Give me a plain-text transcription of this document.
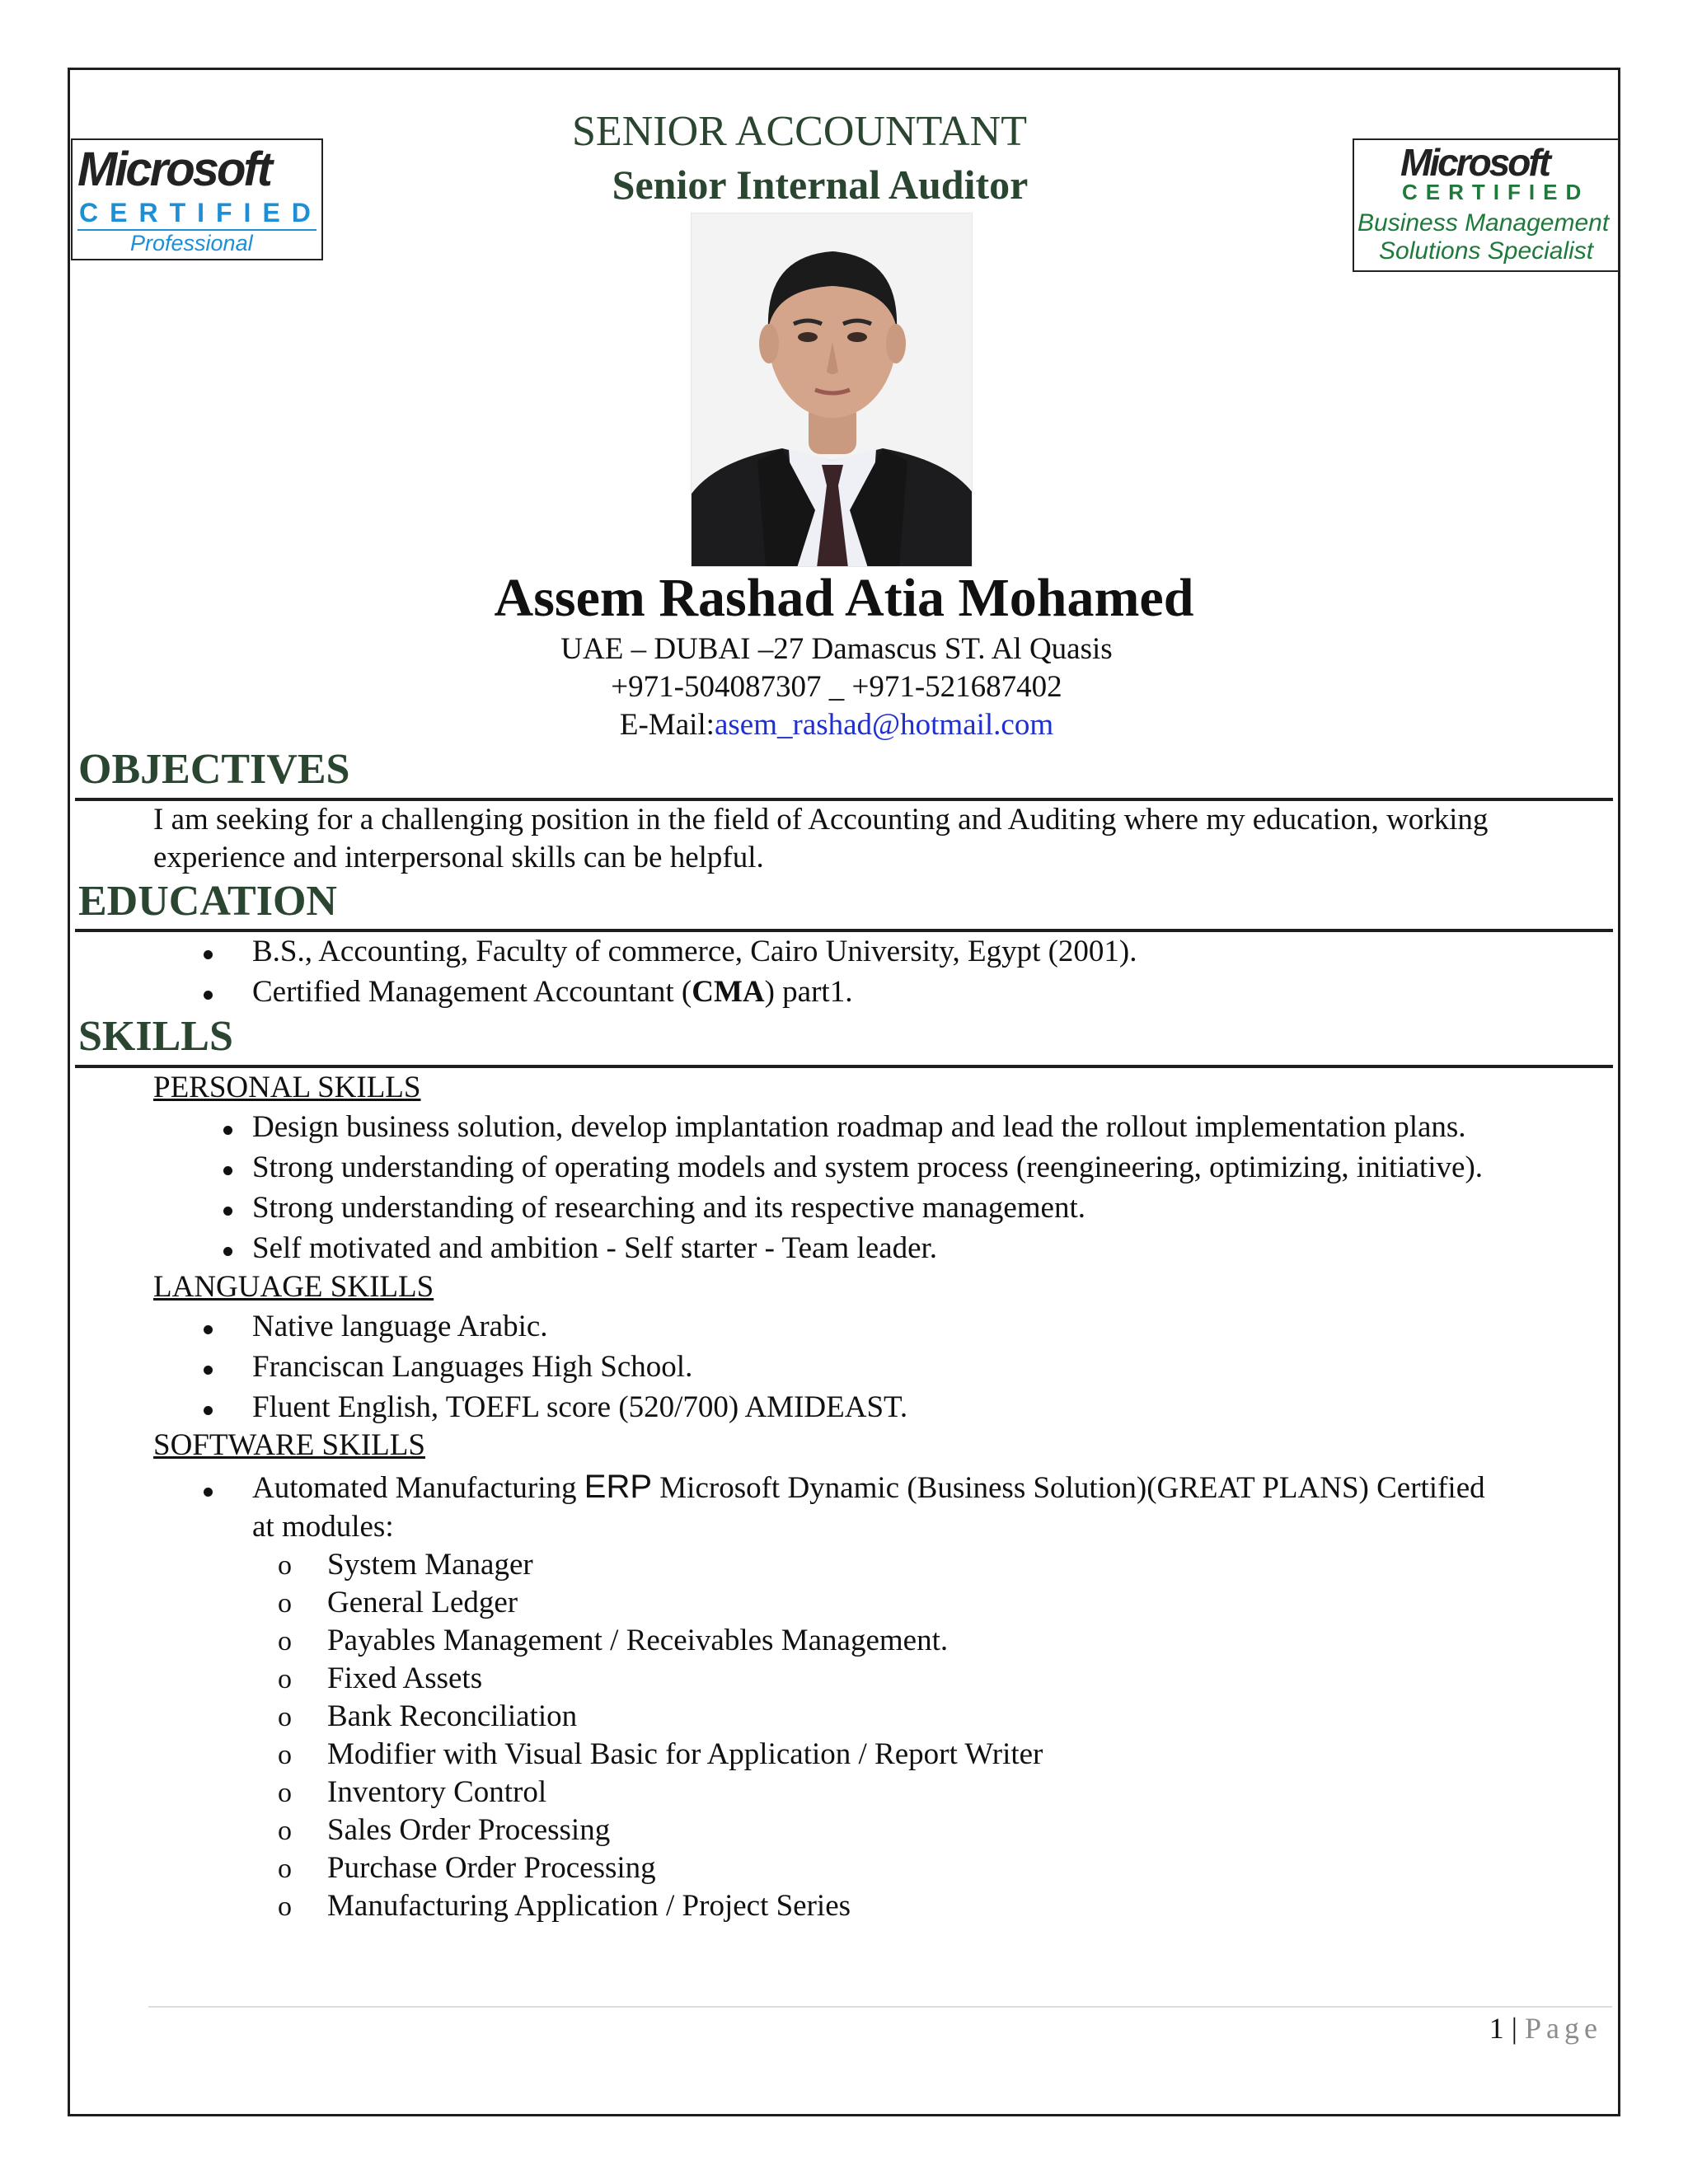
Microsoft
CERTIFIED
Professional
Microsoft
CERTIFIED
Business Management
Solutions Specialist
SENIOR ACCOUNTANT
Senior Internal Auditor
Assem Rashad Atia Mohamed
UAE – DUBAI –27 Damascus ST. Al Quasis
+971-504087307 _ +971-521687402
E-Mail:asem_rashad@hotmail.com
OBJECTIVES
I am seeking for a challenging position in the field of Accounting and Auditing where my education, working
experience and interpersonal skills can be helpful.
EDUCATION
B.S., Accounting, Faculty of commerce, Cairo University, Egypt (2001).
Certified Management Accountant (CMA) part1.
SKILLS
PERSONAL SKILLS
Design business solution, develop implantation roadmap and lead the rollout implementation plans.
Strong understanding of operating models and system process (reengineering, optimizing, initiative).
Strong understanding of researching and its respective management.
Self motivated and ambition - Self starter - Team leader.
LANGUAGE SKILLS
Native language Arabic.
Franciscan Languages High School.
Fluent English, TOEFL score (520/700) AMIDEAST.
SOFTWARE SKILLS
Automated Manufacturing ERP Microsoft Dynamic (Business Solution)(GREAT PLANS) Certified
at modules:
o System Manager
o General Ledger
o Payables Management / Receivables Management.
o Fixed Assets
o Bank Reconciliation
o Modifier with Visual Basic for Application / Report Writer
o Inventory Control
o Sales Order Processing
o Purchase Order Processing
o Manufacturing Application / Project Series
1 | Page
